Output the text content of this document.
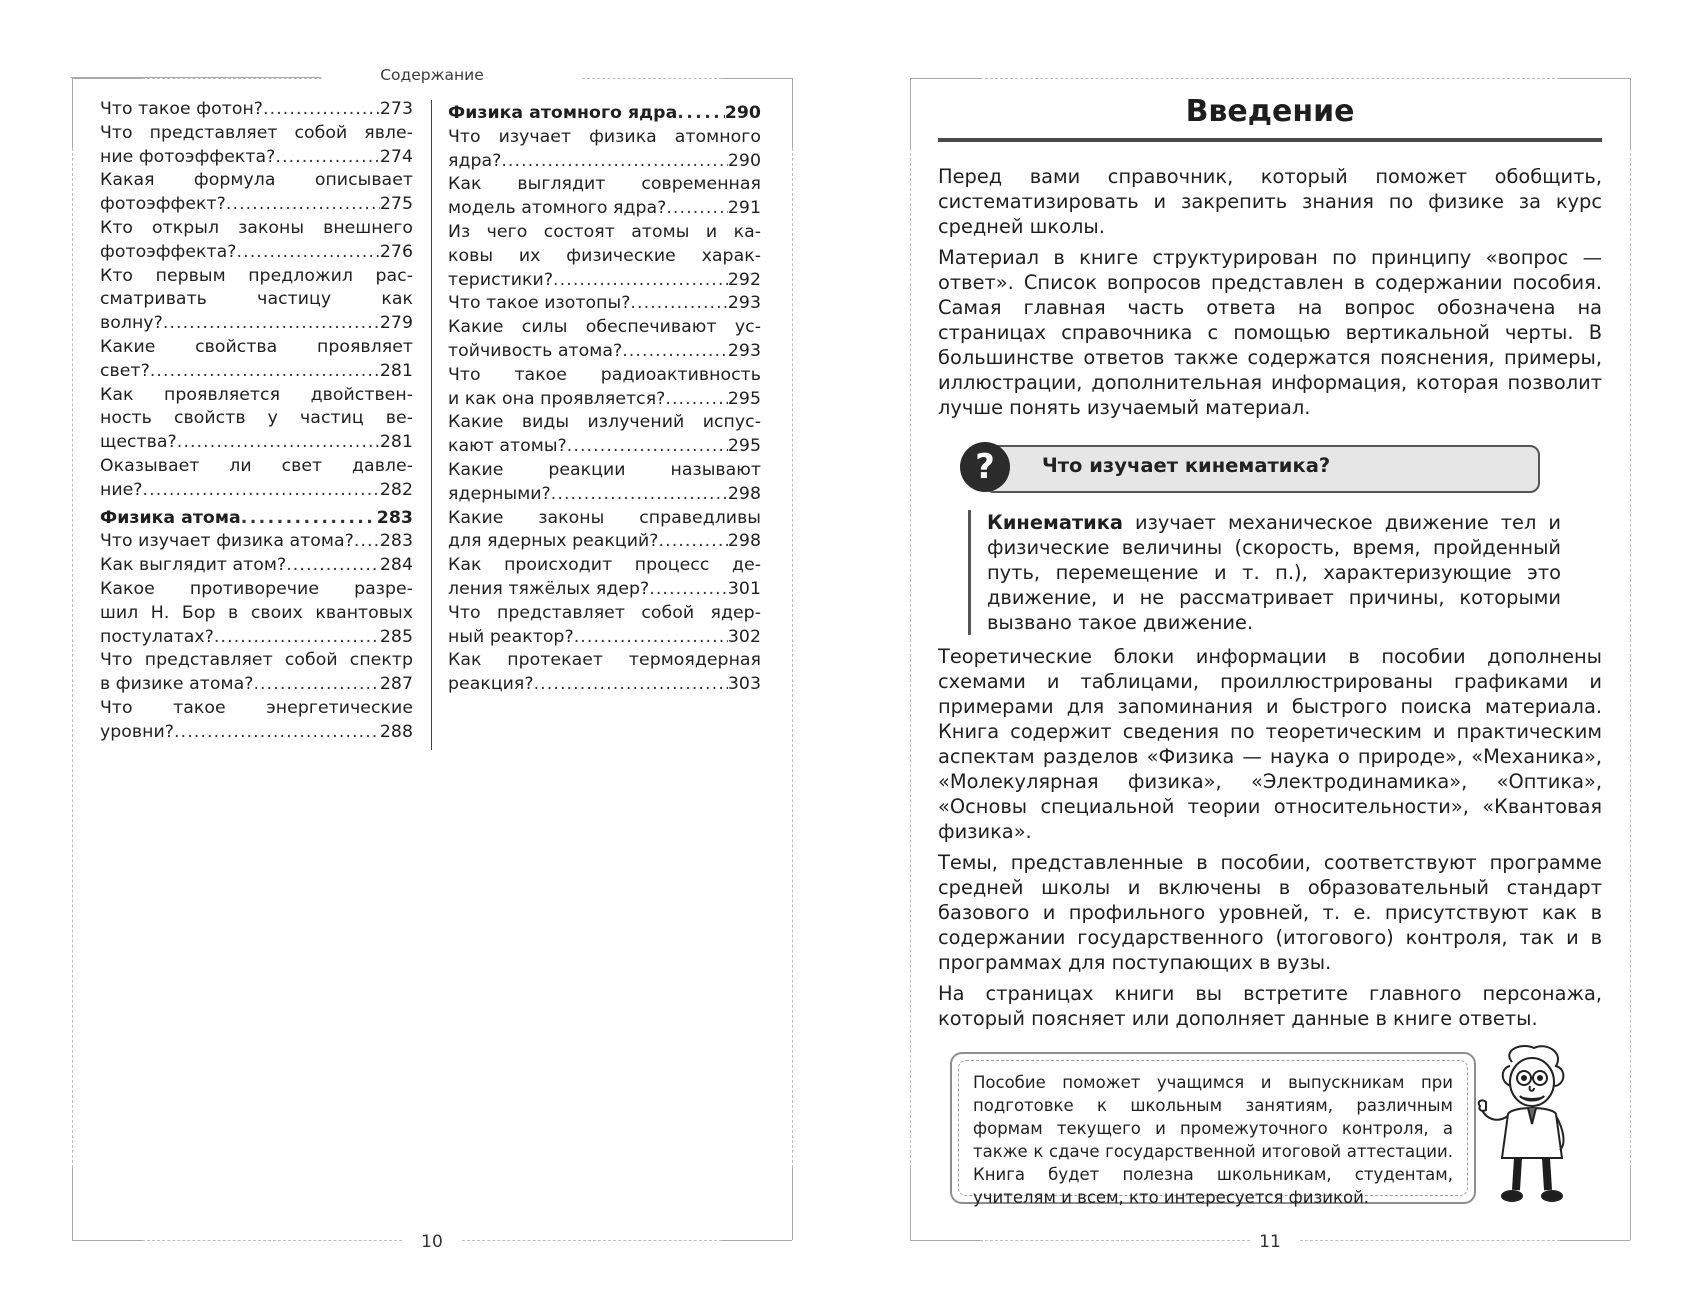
Содержание
Что такое фотон? .....	273
Что представляет собой явле-
ние фотоэффекта? .....	274
Какая формула описывает
фотоэффект? .....	275
Кто открыл законы внешнего
фотоэффекта? .....	276
Кто первым предложил рас-
сматривать частицу как
волну? .....	279
Какие свойства проявляет
свет? .....	281
Как проявляется двойствен-
ность свойств у частиц ве-
щества? .....	281
Оказывает ли свет давле-
ние? .....	282
Физика атома .....	283
Что изучает физика атома? ..... 283
Как выглядит атом? .....	284
Какое противоречие разре-
шил Н. Бор в своих квантовых
постулатах? .....	285
Что представляет собой спектр
в физике атома? .....	287
Что такое энергетические
уровни? .....	288
Физика атомного ядра .....	290
Что изучает физика атомного
ядра? .....	290
Как выглядит современная
модель атомного ядра? .....	291
Из чего состоят атомы и ка-
ковы их физические харак-
теристики? .....	292
Что такое изотопы? .....	293
Какие силы обеспечивают ус-
тойчивость атома? .....	293
Что такое радиоактивность
и как она проявляется? .....	295
Какие виды излучений испус-
кают атомы? .....	295
Какие реакции называют
ядерными? .....	298
Какие законы справедливы
для ядерных реакций? .....	298
Как происходит процесс де-
ления тяжёлых ядер? .....	301
Что представляет собой ядер-
ный реактор? .....	302
Как протекает термоядерная
реакция? .....	303
10
Введение

Перед вами справочник, который поможет обобщить, систематизировать и закрепить знания по физике за курс средней школы.

Материал в книге структурирован по принципу «вопрос — ответ». Список вопросов представлен в содержании пособия. Самая главная часть ответа на вопрос обозначена на страницах справочника с помощью вертикальной черты. В большинстве ответов также содержатся пояснения, примеры, иллюстрации, дополнительная информация, которая позволит лучше понять изучаемый материал.

?	Что изучает кинематика?

Кинематика изучает механическое движение тел и физические величины (скорость, время, пройденный путь, перемещение и т. п.), характеризующие это движение, и не рассматривает причины, которыми вызвано такое движение.

Теоретические блоки информации в пособии дополнены схемами и таблицами, проиллюстрированы графиками и примерами для запоминания и быстрого поиска материала. Книга содержит сведения по теоретическим и практическим аспектам разделов «Физика — наука о природе», «Механика», «Молекулярная физика», «Электродинамика», «Оптика», «Основы специальной теории относительности», «Квантовая физика».

Темы, представленные в пособии, соответствуют программе средней школы и включены в образовательный стандарт базового и профильного уровней, т. е. присутствуют как в содержании государственного (итогового) контроля, так и в программах для поступающих в вузы.

На страницах книги вы встретите главного персонажа, который поясняет или дополняет данные в книге ответы.

Пособие поможет учащимся и выпускникам при подготовке к школьным занятиям, различным формам текущего и промежуточного контроля, а также к сдаче государственной итоговой аттестации. Книга будет полезна школьникам, студентам, учителям и всем, кто интересуется физикой.
11
